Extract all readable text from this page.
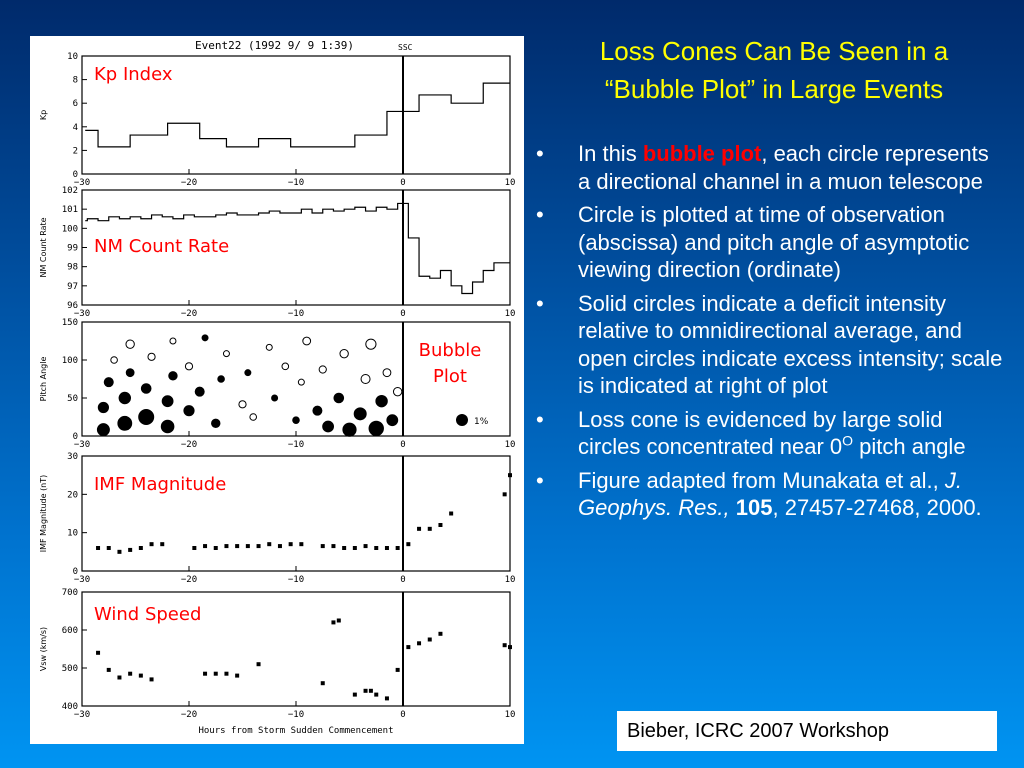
Event22 (1992 9/ 9 1:39)	SSC
0
2
4
6
8
10
−30	−20	−10	0	10
Kp
Kp Index
96
97
98
99
100
101
102
−30	−20	−10	0	10
NM Count Rate	NM Count Rate
0
50
100
150
−30	−20	−10	0	10
Pitch Angle
Bubble
Plot
1%
0
10
20
30
−30	−20	−10	0	10
IMF Magnitude (nT)	IMF Magnitude
400
500
600
700
−30	−20	−10	0	10
Vsw (km/s)
Wind Speed
Hours from Storm Sudden Commencement
Loss Cones Can Be Seen in a
“Bubble Plot” in Large Events
• In this bubble plot, each circle represents a directional channel in a muon telescope
• Circle is plotted at time of observation (abscissa) and pitch angle of asymptotic viewing direction (ordinate)
• Solid circles indicate a deficit intensity relative to omnidirectional average, and open circles indicate excess intensity; scale is indicated at right of plot
• Loss cone is evidenced by large solid circles concentrated near $0^O$ pitch angle
• Figure adapted from Munakata et al., J. Geophys. Res., 105, 27457-27468, 2000.
Bieber, ICRC 2007 Workshop
